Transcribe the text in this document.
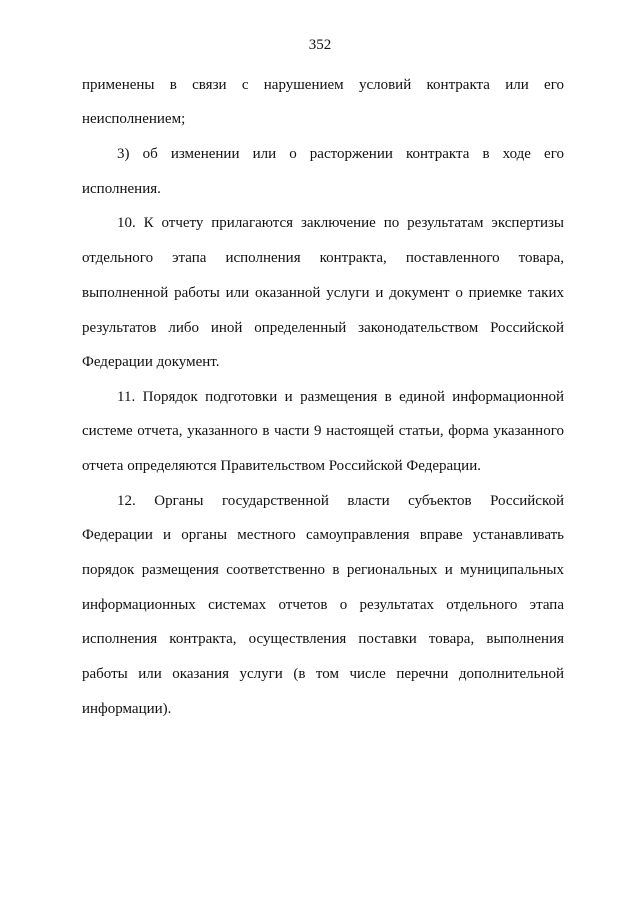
352
применены в связи с нарушением условий контракта или его
неисполнением;
3) об изменении или о расторжении контракта в ходе его
исполнения.
10. К отчету прилагаются заключение по результатам экспертизы
отдельного этапа исполнения контракта, поставленного товара,
выполненной работы или оказанной услуги и документ о приемке таких
результатов либо иной определенный законодательством Российской
Федерации документ.
11. Порядок подготовки и размещения в единой информационной
системе отчета, указанного в части 9 настоящей статьи, форма указанного
отчета определяются Правительством Российской Федерации.
12. Органы государственной власти субъектов Российской
Федерации и органы местного самоуправления вправе устанавливать
порядок размещения соответственно в региональных и муниципальных
информационных системах отчетов о результатах отдельного этапа
исполнения контракта, осуществления поставки товара, выполнения
работы или оказания услуги (в том числе перечни дополнительной
информации).
